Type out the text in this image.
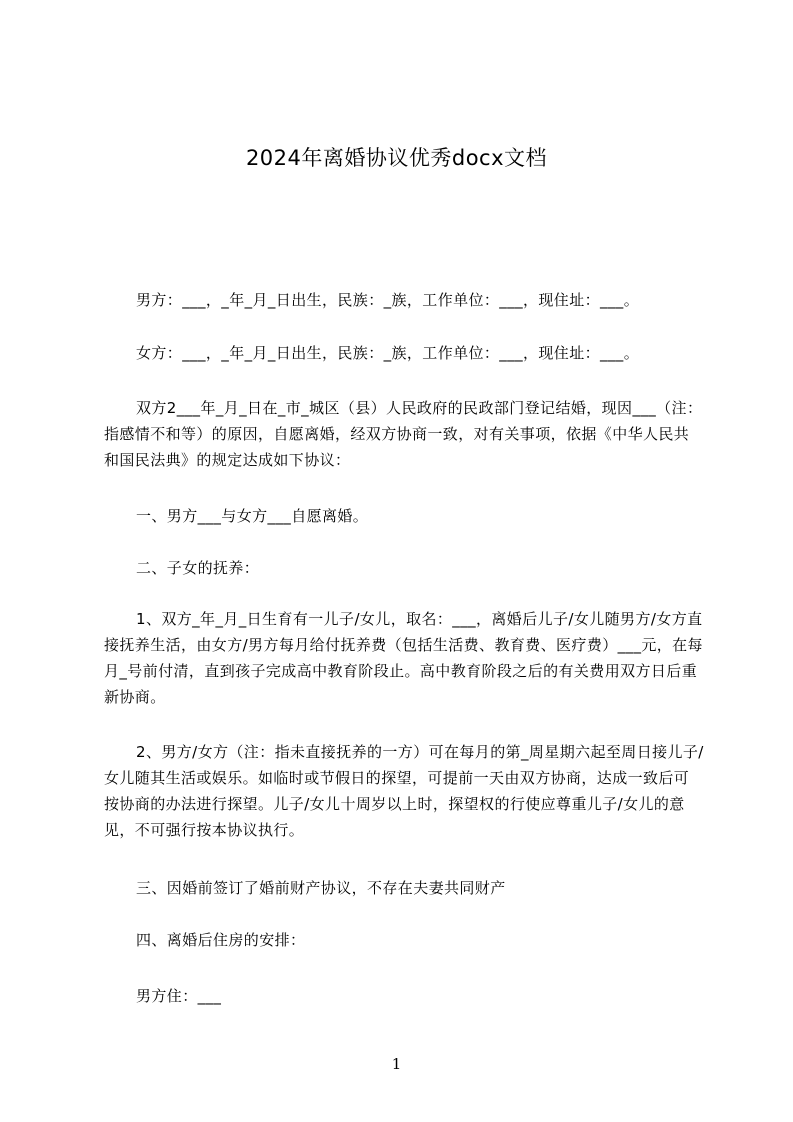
2024年离婚协议优秀docx文档

男方：___，_年_月_日出生，民族：_族，工作单位：___，现住址：___。

女方：___，_年_月_日出生，民族：_族，工作单位：___，现住址：___。

双方2___年_月_日在_市_城区（县）人民政府的民政部门登记结婚，现因___（注：指感情不和等）的原因，自愿离婚，经双方协商一致，对有关事项，依据《中华人民共和国民法典》的规定达成如下协议：

一、男方___与女方___自愿离婚。

二、子女的抚养：

1、双方_年_月_日生育有一儿子/女儿，取名：___，离婚后儿子/女儿随男方/女方直接抚养生活，由女方/男方每月给付抚养费（包括生活费、教育费、医疗费）___元，在每月_号前付清，直到孩子完成高中教育阶段止。高中教育阶段之后的有关费用双方日后重新协商。

2、男方/女方（注：指未直接抚养的一方）可在每月的第_周星期六起至周日接儿子/女儿随其生活或娱乐。如临时或节假日的探望，可提前一天由双方协商，达成一致后可按协商的办法进行探望。儿子/女儿十周岁以上时，探望权的行使应尊重儿子/女儿的意见，不可强行按本协议执行。

三、因婚前签订了婚前财产协议，不存在夫妻共同财产

四、离婚后住房的安排：

男方住：___

1
